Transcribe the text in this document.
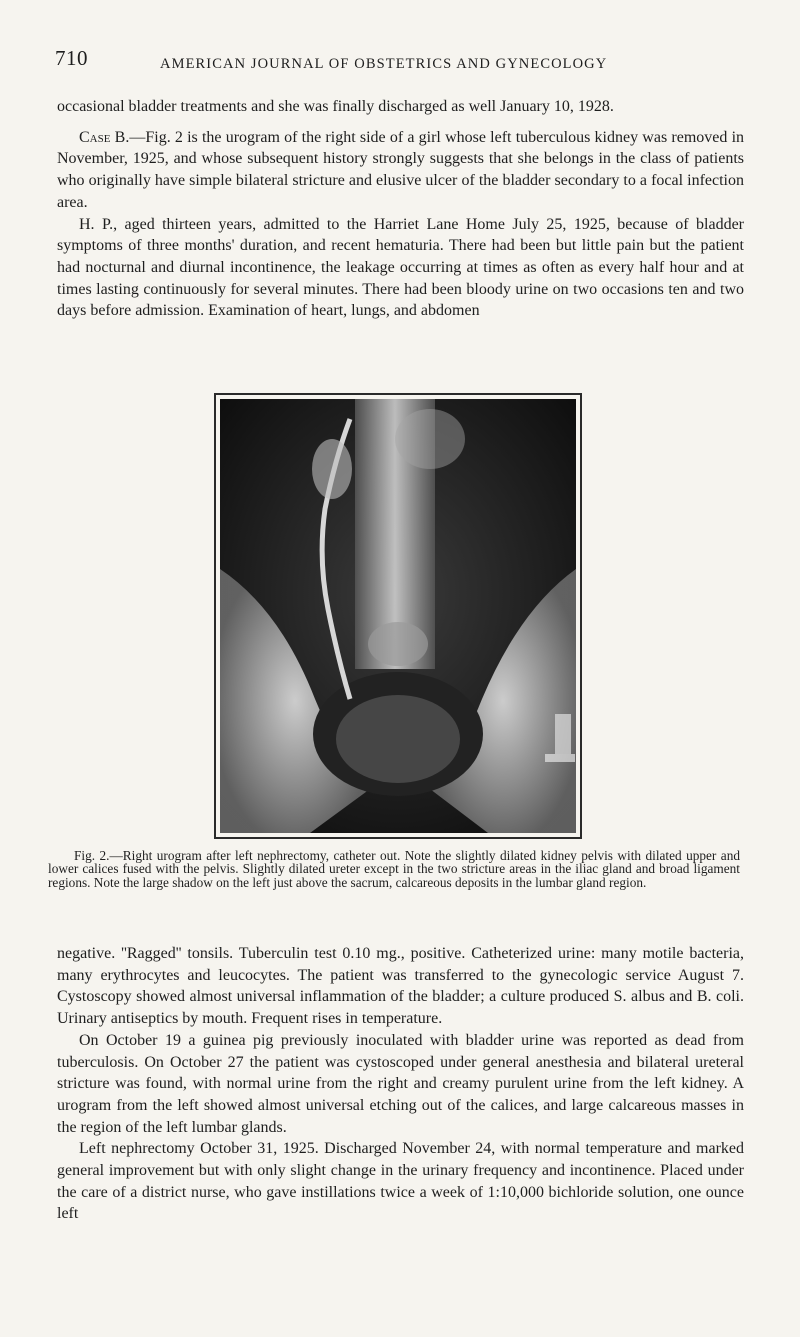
710	AMERICAN JOURNAL OF OBSTETRICS AND GYNECOLOGY

occasional bladder treatments and she was finally discharged as well January 10, 1928.

Case B.—Fig. 2 is the urogram of the right side of a girl whose left tuberculous kidney was removed in November, 1925, and whose subsequent history strongly suggests that she belongs in the class of patients who originally have simple bilateral stricture and elusive ulcer of the bladder secondary to a focal infection area.

H. P., aged thirteen years, admitted to the Harriet Lane Home July 25, 1925, because of bladder symptoms of three months' duration, and recent hematuria. There had been but little pain but the patient had nocturnal and diurnal incontinence, the leakage occurring at times as often as every half hour and at times lasting continuously for several minutes. There had been bloody urine on two occasions ten and two days before admission. Examination of heart, lungs, and abdomen

Fig. 2.—Right urogram after left nephrectomy, catheter out. Note the slightly dilated kidney pelvis with dilated upper and lower calices fused with the pelvis. Slightly dilated ureter except in the two stricture areas in the iliac gland and broad ligament regions. Note the large shadow on the left just above the sacrum, calcareous deposits in the lumbar gland region.

negative. ''Ragged'' tonsils. Tuberculin test 0.10 mg., positive. Catheterized urine: many motile bacteria, many erythrocytes and leucocytes. The patient was transferred to the gynecologic service August 7. Cystoscopy showed almost universal inflammation of the bladder; a culture produced S. albus and B. coli. Urinary antiseptics by mouth. Frequent rises in temperature.

On October 19 a guinea pig previously inoculated with bladder urine was reported as dead from tuberculosis. On October 27 the patient was cystoscoped under general anesthesia and bilateral ureteral stricture was found, with normal urine from the right and creamy purulent urine from the left kidney. A urogram from the left showed almost universal etching out of the calices, and large calcareous masses in the region of the left lumbar glands.

Left nephrectomy October 31, 1925. Discharged November 24, with normal temperature and marked general improvement but with only slight change in the urinary frequency and incontinence. Placed under the care of a district nurse, who gave instillations twice a week of 1:10,000 bichloride solution, one ounce left
